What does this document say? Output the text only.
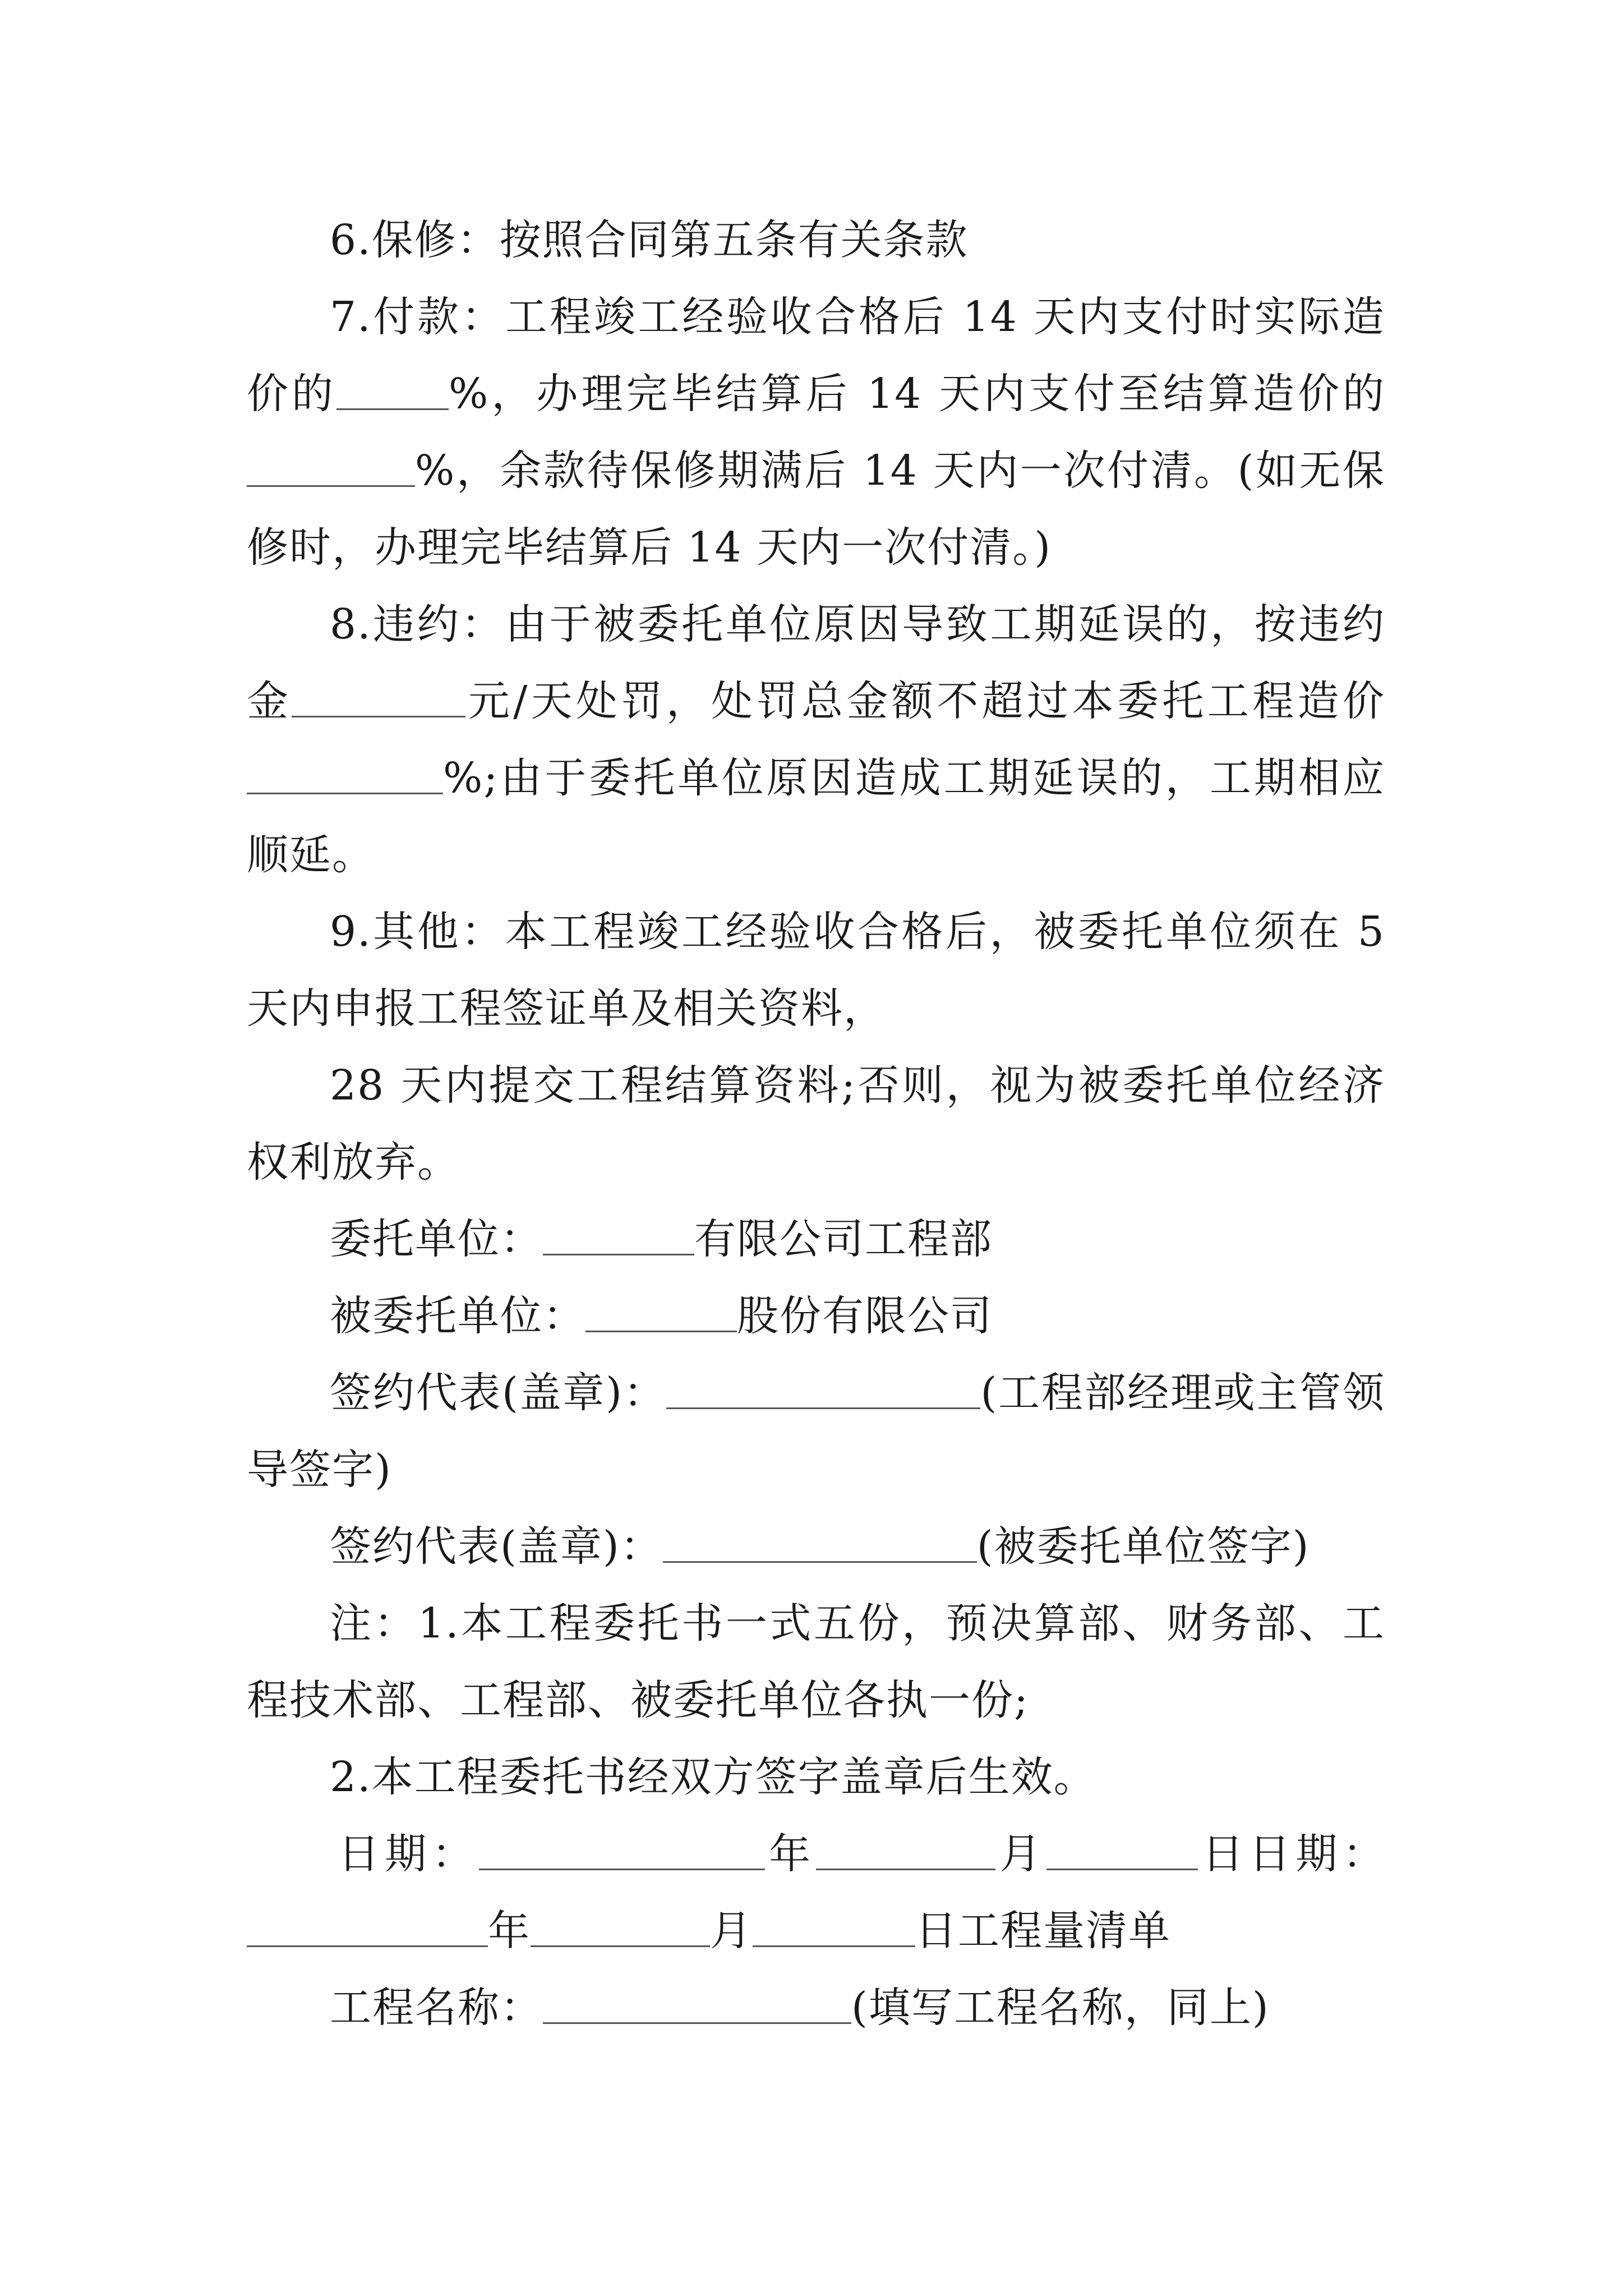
6.保修：按照合同第五条有关条款

7.付款：工程竣工经验收合格后 14 天内支付时实际造价的	%，办理完毕结算后 14 天内支付至结算造价的%，余款待保修期满后 14 天内一次付清。(如无保修时，办理完毕结算后 14 天内一次付清。)

8.违约：由于被委托单位原因导致工期延误的，按违约金	元/天处罚，处罚总金额不超过本委托工程造价%;由于委托单位原因造成工期延误的，工期相应顺延。

9.其他：本工程竣工经验收合格后，被委托单位须在 5 天内申报工程签证单及相关资料，

28 天内提交工程结算资料;否则，视为被委托单位经济权利放弃。

委托单位：	有限公司工程部

被委托单位：	股份有限公司

签约代表(盖章)：	(工程部经理或主管领导签字)

签约代表(盖章)：	(被委托单位签字)

注：1.本工程委托书一式五份，预决算部、财务部、工程技术部、工程部、被委托单位各执一份;

2.本工程委托书经双方签字盖章后生效。

日期：	年	月	日日期：年	月	日工程量清单

工程名称：	(填写工程名称，同上)
